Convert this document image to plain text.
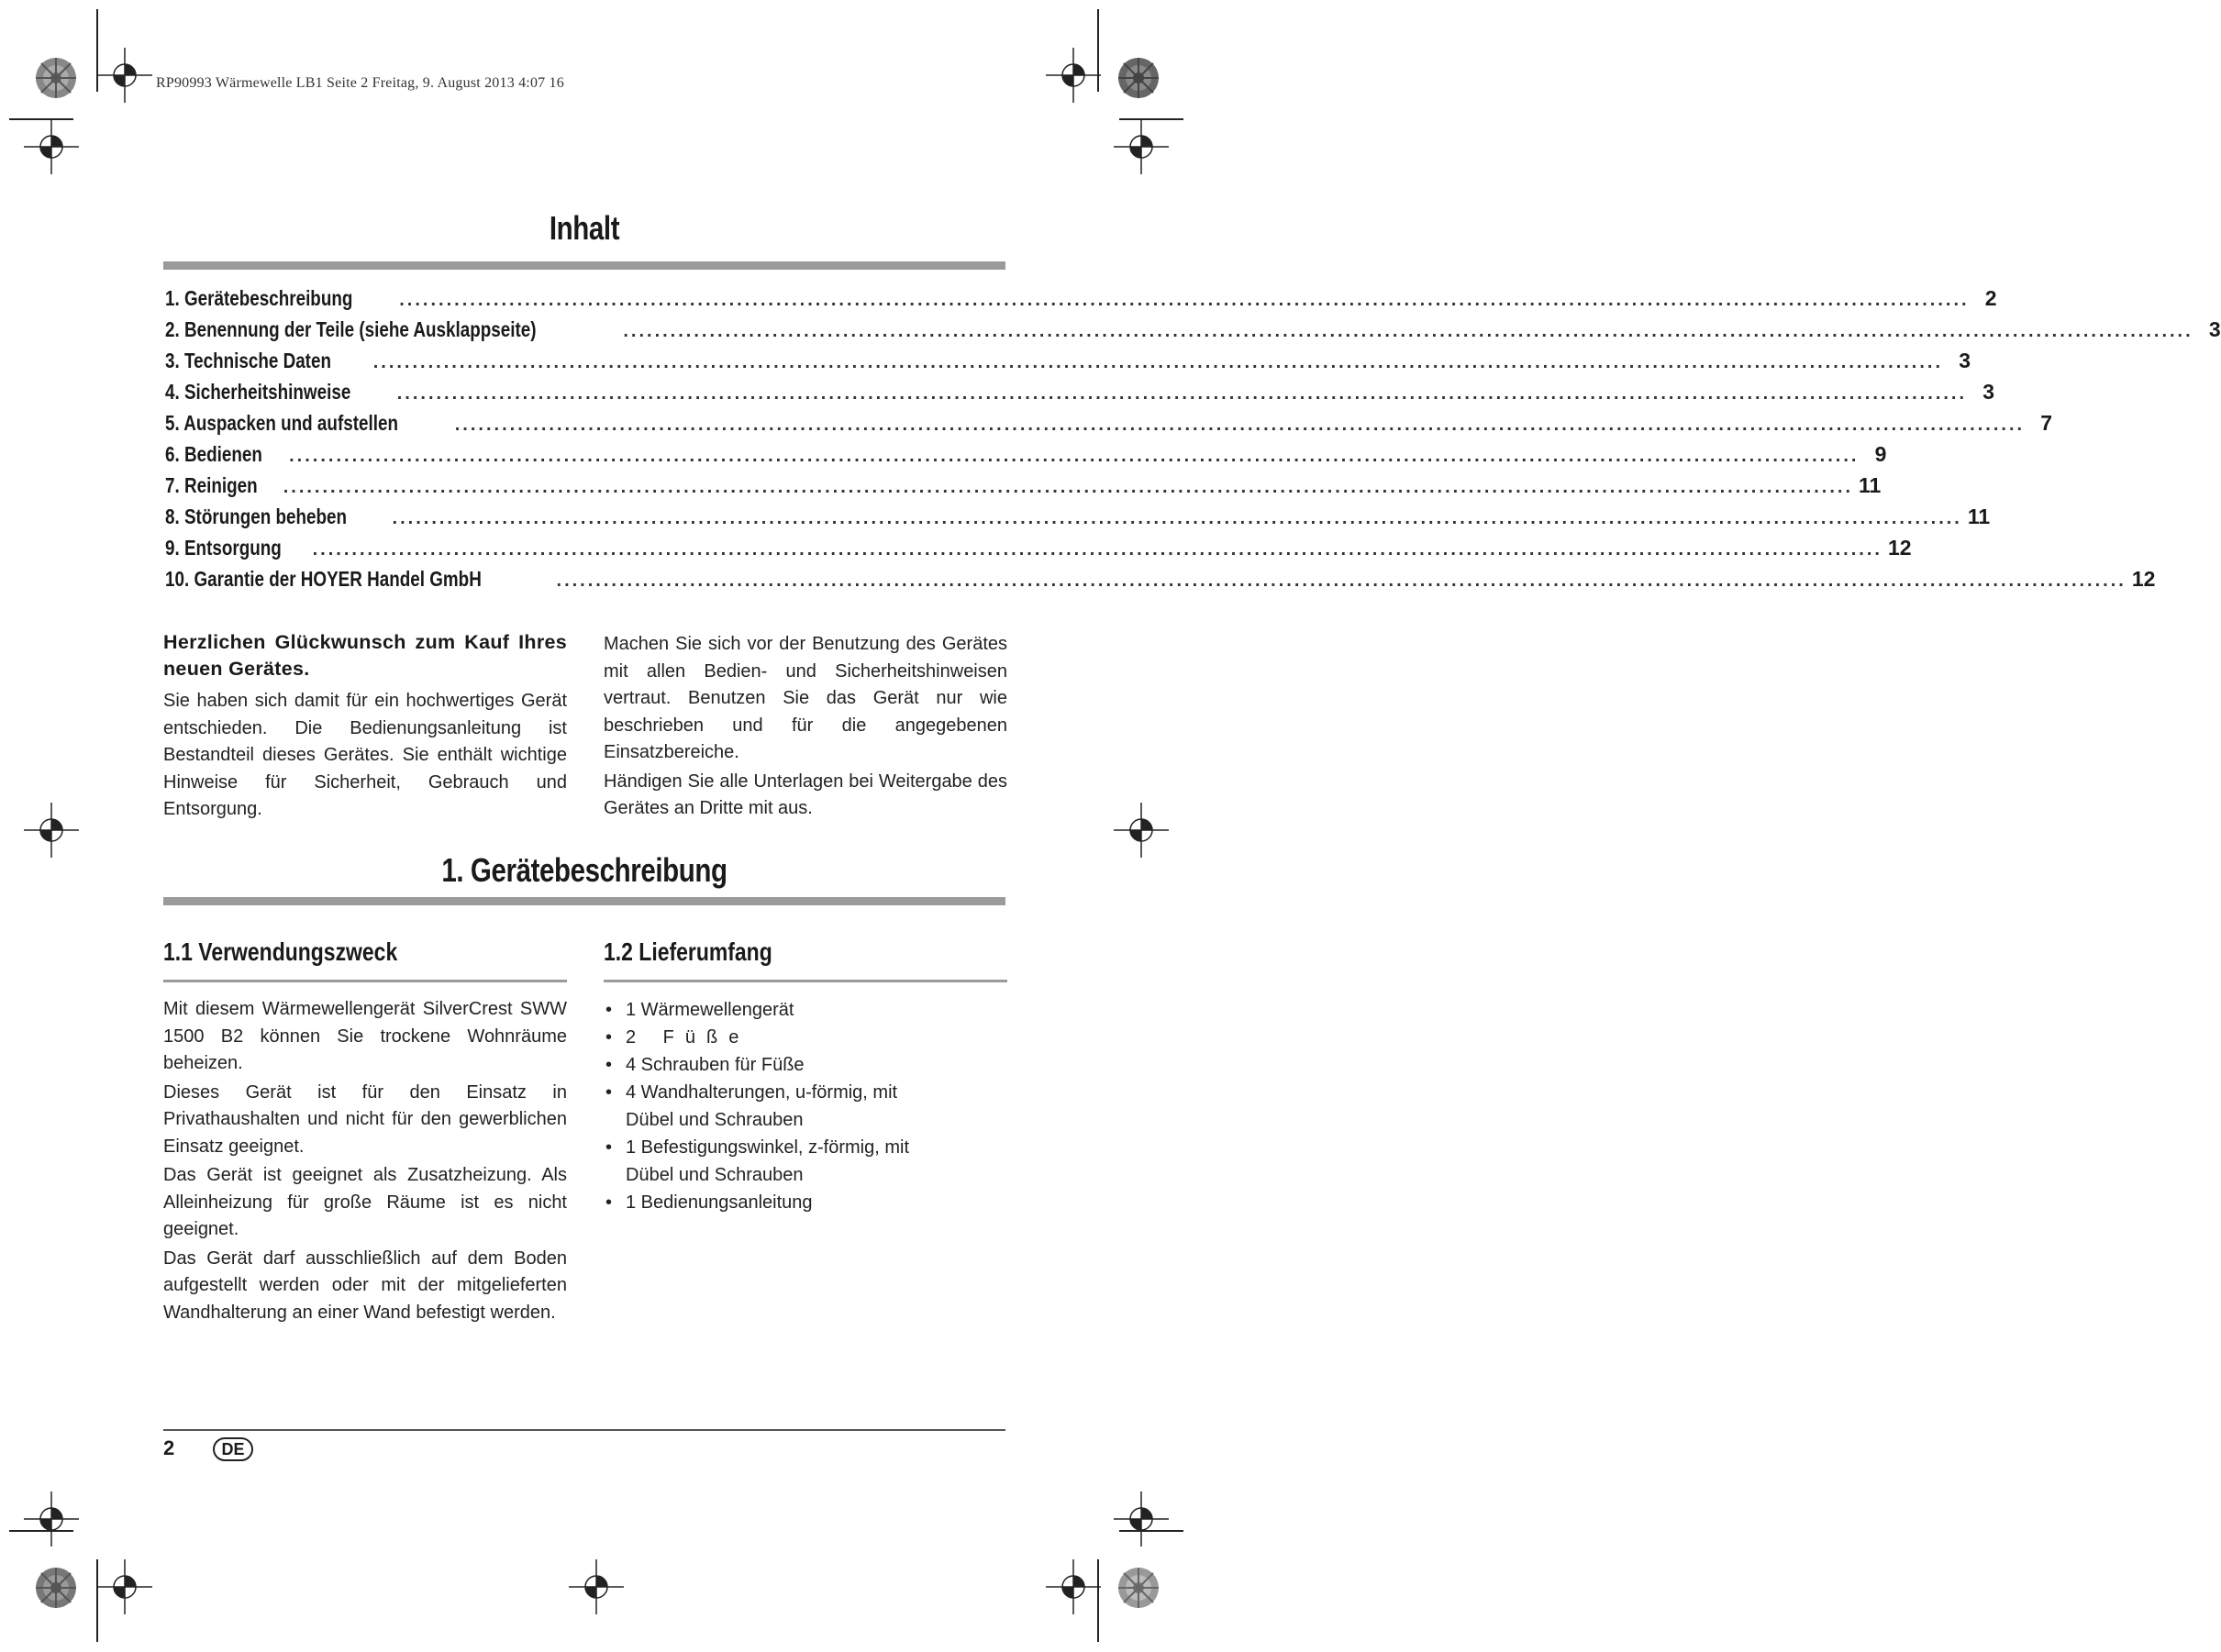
RP90993 Wärmewelle LB1 Seite 2 Freitag, 9. August 2013 4:07 16
Inhalt
1. Gerätebeschreibung	........................................................................................................................................................................................................ 2
2. Benennung der Teile (siehe Ausklappseite)	........................................................................................................................................................................................................ 3
3. Technische Daten ........................................................................................................................................................................................................ 3
4. Sicherheitshinweise	........................................................................................................................................................................................................ 3
5. Auspacken und aufstellen	........................................................................................................................................................................................................ 7
6. Bedienen ........................................................................................................................................................................................................ 9
7. Reinigen ........................................................................................................................................................................................................ 11
8. Störungen beheben ........................................................................................................................................................................................................ 11
9. Entsorgung ........................................................................................................................................................................................................ 12
10. Garantie der HOYER Handel GmbH	........................................................................................................................................................................................................ 12

Herzlichen Glückwunsch zum Kauf Ihres neuen Gerätes.

Sie haben sich damit für ein hochwertiges Gerät entschieden. Die Bedienungsanleitung ist Bestandteil dieses Gerätes. Sie enthält wichtige Hinweise für Sicherheit, Gebrauch und Entsorgung.

Machen Sie sich vor der Benutzung des Gerätes mit allen Bedien- und Sicherheitshinweisen vertraut. Benutzen Sie das Gerät nur wie beschrieben und für die angegebenen Einsatzbereiche.

Händigen Sie alle Unterlagen bei Weitergabe des Gerätes an Dritte mit aus.

1. Gerätebeschreibung
1.1 Verwendungszweck

Mit diesem Wärmewellengerät SilverCrest SWW 1500 B2 können Sie trockene Wohnräume beheizen.

Dieses Gerät ist für den Einsatz in Privathaushalten und nicht für den gewerblichen Einsatz geeignet.

Das Gerät ist geeignet als Zusatzheizung. Als Alleinheizung für große Räume ist es nicht geeignet.

Das Gerät darf ausschließlich auf dem Boden aufgestellt werden oder mit der mitgelieferten Wandhalterung an einer Wand befestigt werden.

1.2 Lieferumfang
• 1 Wärmewellengerät
• 2 Füße
• 4 Schrauben für Füße
• 4 Wandhalterungen, u-förmig, mit Dübel und Schrauben
• 1 Befestigungswinkel, z-förmig, mit Dübel und Schrauben
• 1 Bedienungsanleitung
2	DE
